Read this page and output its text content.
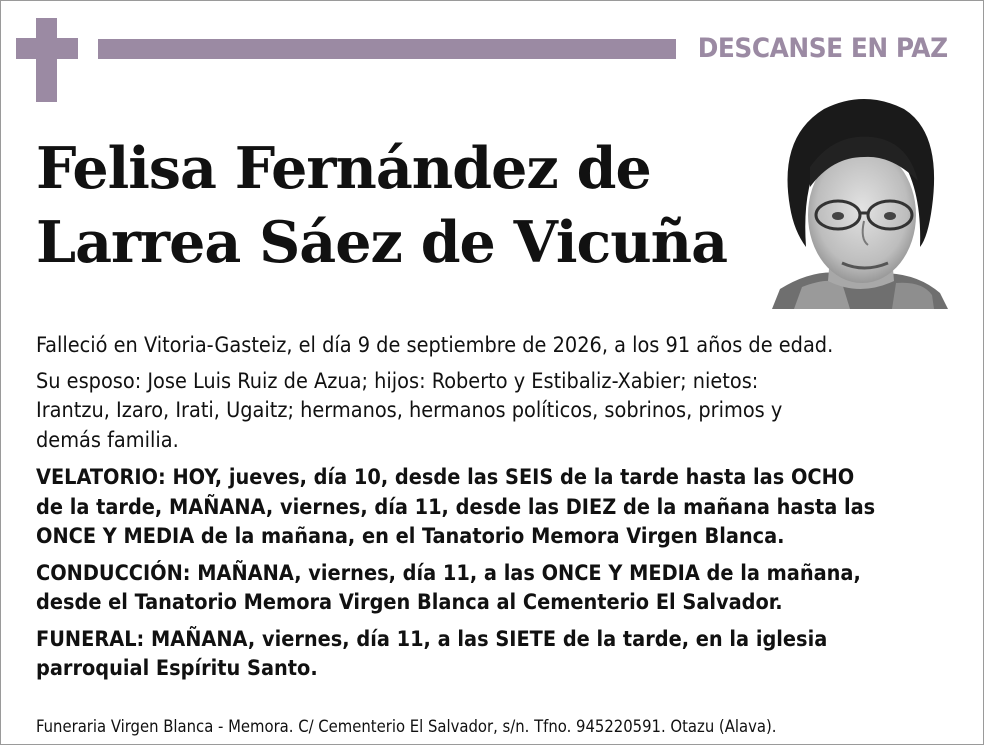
DESCANSE EN PAZ
Felisa Fernández de
Larrea Sáez de Vicuña

Falleció en Vitoria-Gasteiz, el día 9 de septiembre de 2026, a los 91 años de edad.

Su esposo: Jose Luis Ruiz de Azua; hijos: Roberto y Estibaliz-Xabier; nietos:
Irantzu, Izaro, Irati, Ugaitz; hermanos, hermanos políticos, sobrinos, primos y
demás familia.

VELATORIO: HOY, jueves, día 10, desde las SEIS de la tarde hasta las OCHO
de la tarde, MAÑANA, viernes, día 11, desde las DIEZ de la mañana hasta las
ONCE Y MEDIA de la mañana, en el Tanatorio Memora Virgen Blanca.

CONDUCCIÓN: MAÑANA, viernes, día 11, a las ONCE Y MEDIA de la mañana,
desde el Tanatorio Memora Virgen Blanca al Cementerio El Salvador.

FUNERAL: MAÑANA, viernes, día 11, a las SIETE de la tarde, en la iglesia
parroquial Espíritu Santo.

Funeraria Virgen Blanca - Memora. C/ Cementerio El Salvador, s/n. Tfno. 945220591. Otazu (Alava).
